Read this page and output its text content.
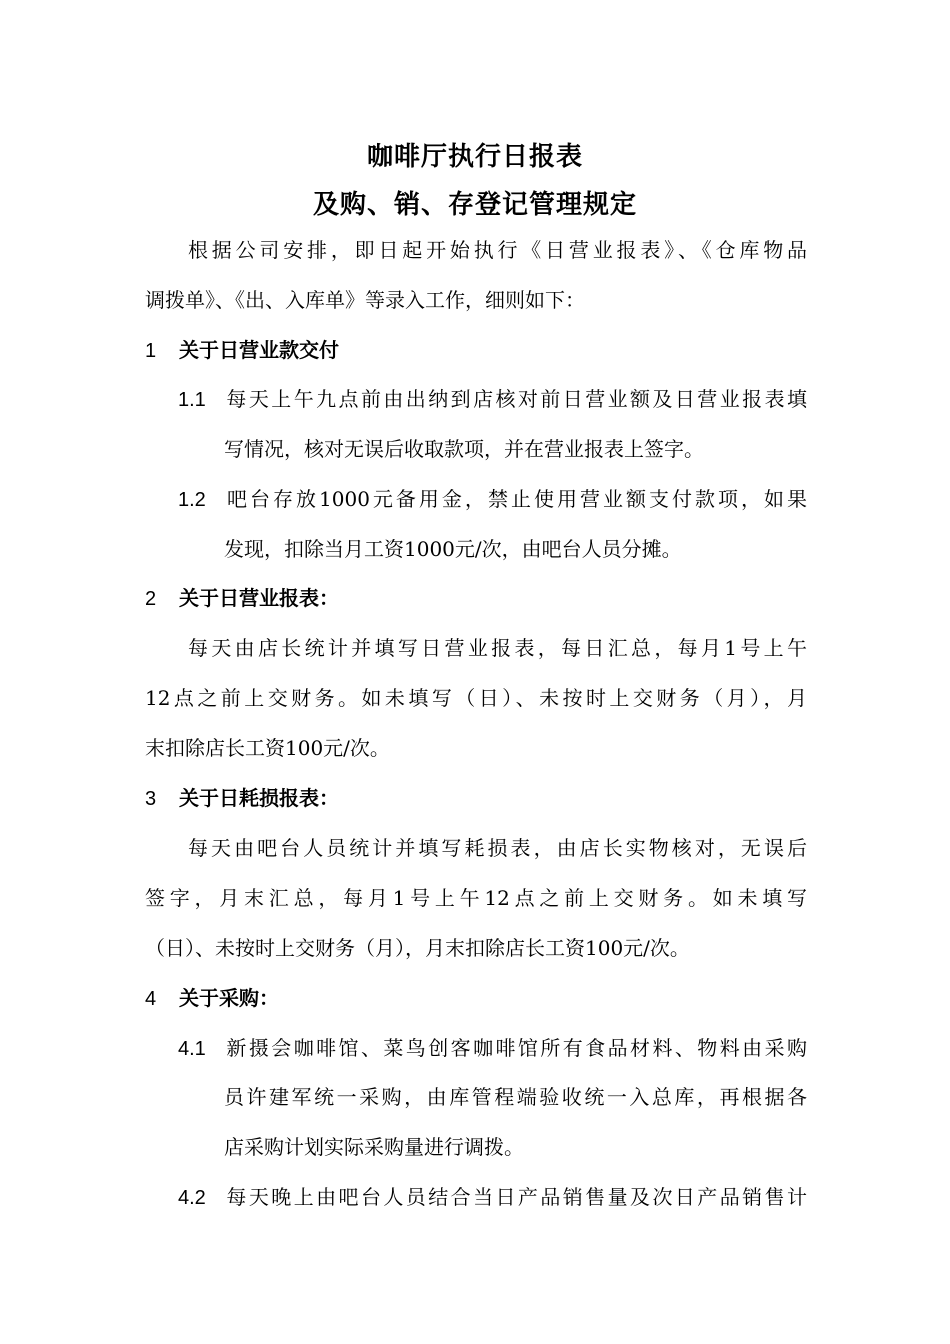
咖啡厅执行日报表
及购、销、存登记管理规定
根据公司安排，即日起开始执行《日营业报表》、《仓库物品
调拨单》、《出、入库单》等录入工作，细则如下：
1 关于日营业款交付
1.1 每天上午九点前由出纳到店核对前日营业额及日营业报表填
写情况，核对无误后收取款项，并在营业报表上签字。
1.2 吧台存放1000元备用金，禁止使用营业额支付款项，如果
发现，扣除当月工资1000元/次，由吧台人员分摊。
2 关于日营业报表：
每天由店长统计并填写日营业报表，每日汇总，每月1号上午
12点之前上交财务。如未填写（日）、未按时上交财务（月），月
末扣除店长工资100元/次。
3 关于日耗损报表：
每天由吧台人员统计并填写耗损表，由店长实物核对，无误后
签字，月末汇总，每月1号上午12点之前上交财务。如未填写
（日）、未按时上交财务（月），月末扣除店长工资100元/次。
4 关于采购：
4.1 新摄会咖啡馆、菜鸟创客咖啡馆所有食品材料、物料由采购
员许建军统一采购，由库管程端验收统一入总库，再根据各
店采购计划实际采购量进行调拨。
4.2 每天晚上由吧台人员结合当日产品销售量及次日产品销售计
